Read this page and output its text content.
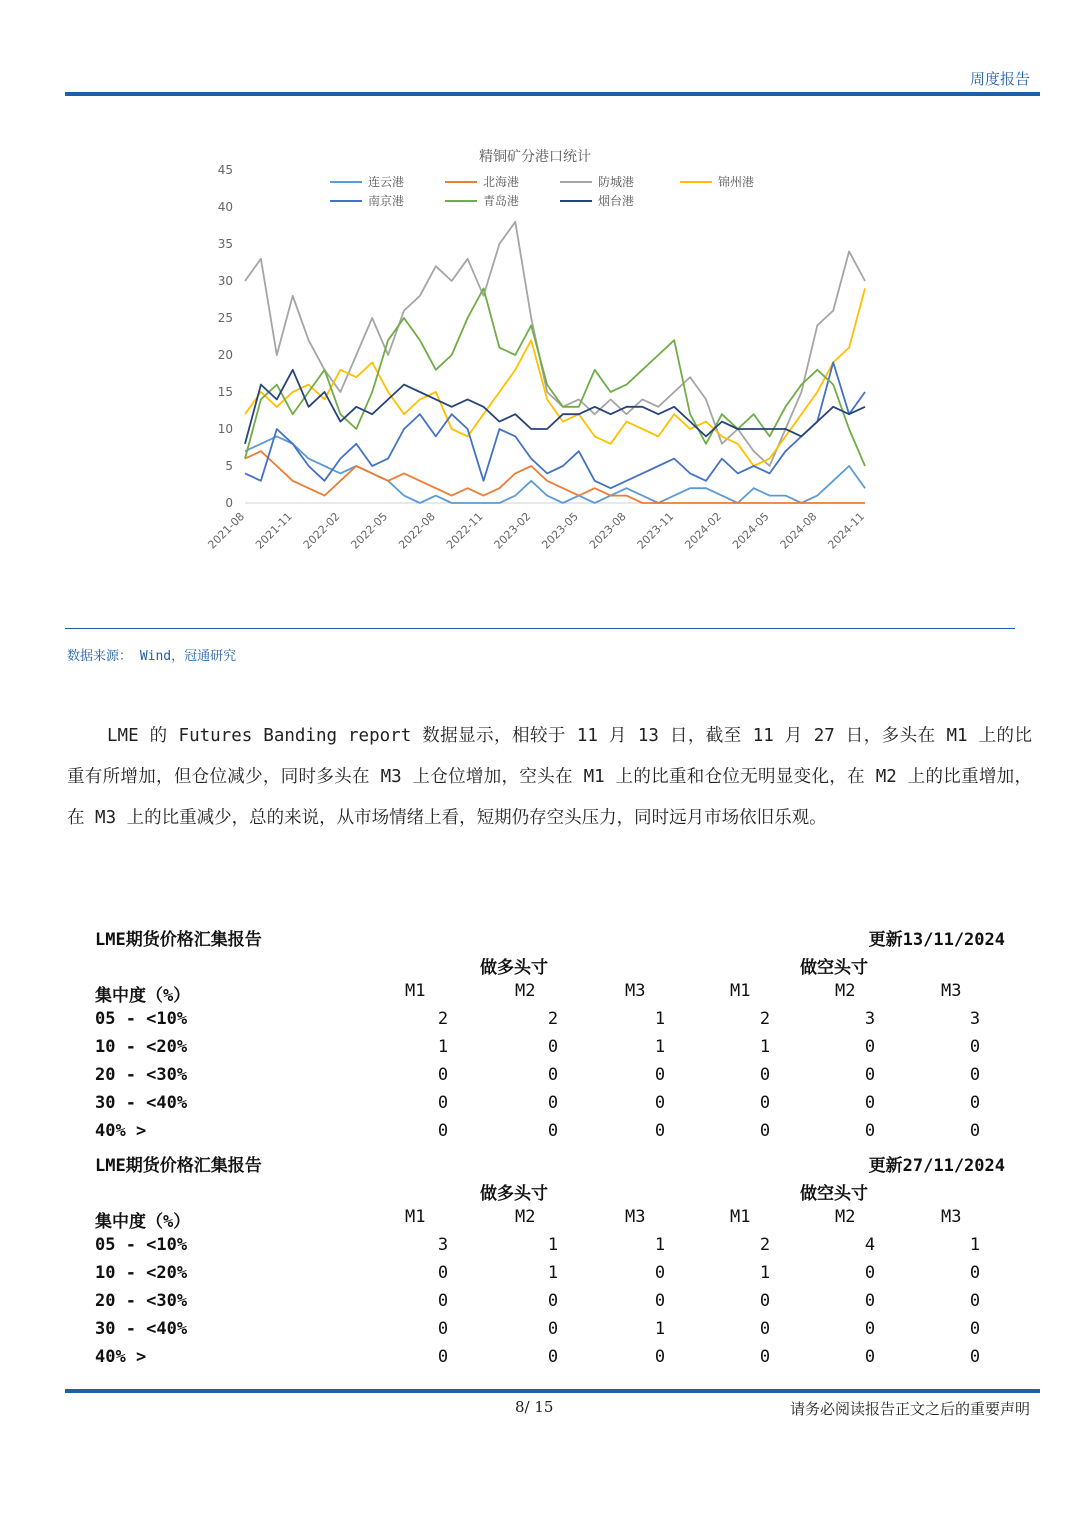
周度报告
精铜矿分港口统计
0
5
10
15
20
25
30
35
40
45
2021-08 2021-11 2022-02 2022-05 2022-08 2022-11 2023-02 2023-05 2023-08 2023-11 2024-02 2024-05 2024-08 2024-11
连云港	北海港	防城港	锦州港
南京港	青岛港	烟台港
数据来源： Wind，冠通研究

LME 的 Futures Banding report 数据显示，相较于 11 月 13 日，截至 11 月 27 日，多头在 M1 上的比重有所增加，但仓位减少，同时多头在 M3 上仓位增加，空头在 M1 上的比重和仓位无明显变化，在 M2 上的比重增加，在 M3 上的比重减少，总的来说，从市场情绪上看，短期仍存空头压力，同时远月市场依旧乐观。

LME期货价格汇集报告	更新13/11/2024
做多头寸	做空头寸
集中度（%）	M1	M2	M3	M1	M2	M3
05 - <10%	2	2	1	2	3	3
10 - <20%	1	0	1	1	0	0
20 - <30%	0	0	0	0	0	0
30 - <40%	0	0	0	0	0	0
40% >	0	0	0	0	0	0
LME期货价格汇集报告	更新27/11/2024
做多头寸	做空头寸
集中度（%）	M1	M2	M3	M1	M2	M3
05 - <10%	3	1	1	2	4	1
10 - <20%	0	1	0	1	0	0
20 - <30%	0	0	0	0	0	0
30 - <40%	0	0	1	0	0	0
40% >	0	0	0	0	0	0
8/ 15	请务必阅读报告正文之后的重要声明
